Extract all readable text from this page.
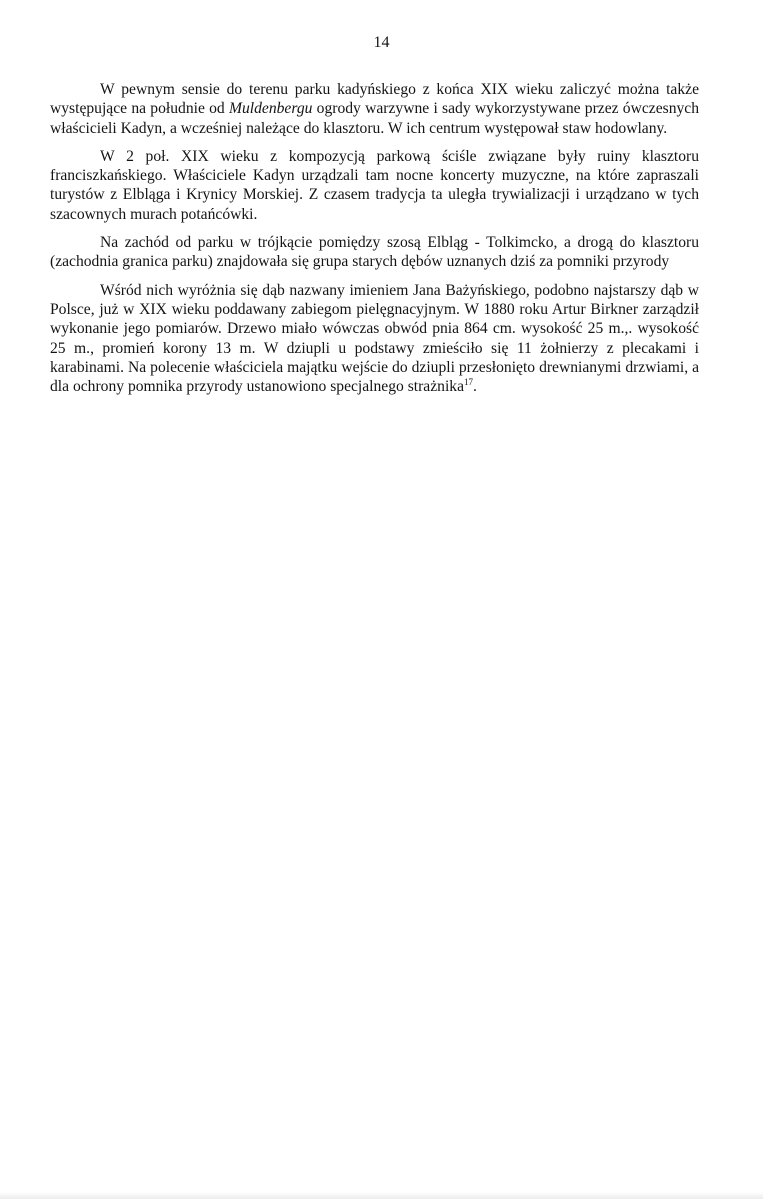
14

W pewnym sensie do terenu parku kadyńskiego z końca XIX wieku zaliczyć można także występujące na południe od Muldenbergu ogrody warzywne i sady wykorzystywane przez ówczesnych właścicieli Kadyn, a wcześniej należące do klasztoru. W ich centrum występował staw hodowlany.

W 2 poł. XIX wieku z kompozycją parkową ściśle związane były ruiny klasztoru franciszkańskiego. Właściciele Kadyn urządzali tam nocne koncerty muzyczne, na które zapraszali turystów z Elbląga i Krynicy Morskiej. Z czasem tradycja ta uległa trywializacji i urządzano w tych szacownych murach potańcówki.

Na zachód od parku w trójkącie pomiędzy szosą Elbląg - Tolkimcko, a drogą do klasztoru (zachodnia granica parku) znajdowała się grupa starych dębów uznanych dziś za pomniki przyrody

Wśród nich wyróżnia się dąb nazwany imieniem Jana Bażyńskiego, podobno najstarszy dąb w Polsce, już w XIX wieku poddawany zabiegom pielęgnacyjnym. W 1880 roku Artur Birkner zarządził wykonanie jego pomiarów. Drzewo miało wówczas obwód pnia 864 cm. wysokość 25 m.,. wysokość 25 m., promień korony 13 m. W dziupli u podstawy zmieściło się 11 żołnierzy z plecakami i karabinami. Na polecenie właściciela majątku wejście do dziupli przesłonięto drewnianymi drzwiami, a dla ochrony pomnika przyrody ustanowiono specjalnego strażnika$^{17}$.
